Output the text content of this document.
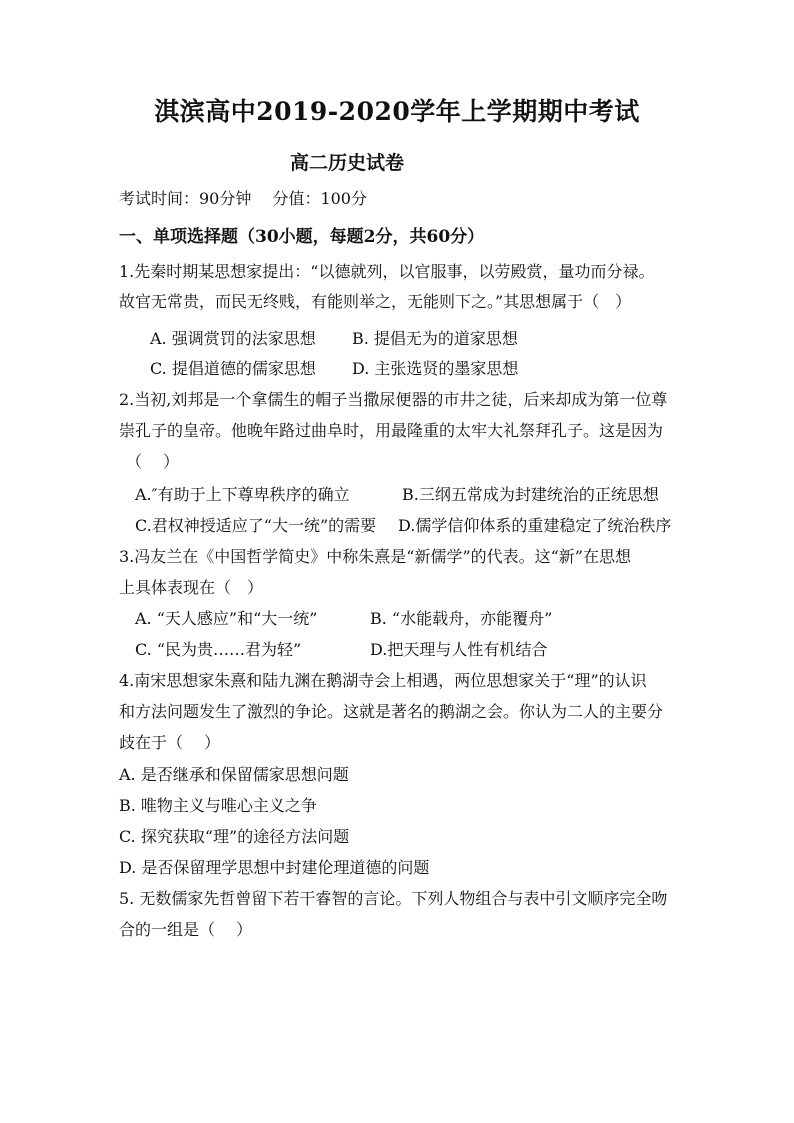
淇滨高中2019-2020学年上学期期中考试
高二历史试卷
考试时间：90分钟　 分值：100分
一、单项选择题（30小题，每题2分，共60分）
1.先秦时期某思想家提出：“以德就列，以官服事，以劳殿赏，量功而分禄。
故官无常贵，而民无终贱，有能则举之，无能则下之。”其思想属于（　）
A. 强调赏罚的法家思想 B. 提倡无为的道家思想
C. 提倡道德的儒家思想 D. 主张选贤的墨家思想
2.当初,刘邦是一个拿儒生的帽子当撒尿便器的市井之徒，后来却成为第一位尊
崇孔子的皇帝。他晚年路过曲阜时，用最隆重的太牢大礼祭拜孔子。这是因为
（　 ）
A.″有助于上下尊卑秩序的确立	B.三纲五常成为封建统治的正统思想
C.君权神授适应了“大一统”的需要 D.儒学信仰体系的重建稳定了统治秩序
3.冯友兰在《中国哲学简史》中称朱熹是“新儒学”的代表。这“新”在思想
上具体表现在（　）
A. “天人感应”和“大一统”	B. “水能载舟，亦能覆舟”
C. “民为贵……君为轻”	D.把天理与人性有机结合
4.南宋思想家朱熹和陆九渊在鹅湖寺会上相遇，两位思想家关于“理”的认识
和方法问题发生了激烈的争论。这就是著名的鹅湖之会。你认为二人的主要分
歧在于（　 ）
A. 是否继承和保留儒家思想问题
B. 唯物主义与唯心主义之争
C. 探究获取“理”的途径方法问题
D. 是否保留理学思想中封建伦理道德的问题
5. 无数儒家先哲曾留下若干睿智的言论。下列人物组合与表中引文顺序完全吻
合的一组是（　 ）
